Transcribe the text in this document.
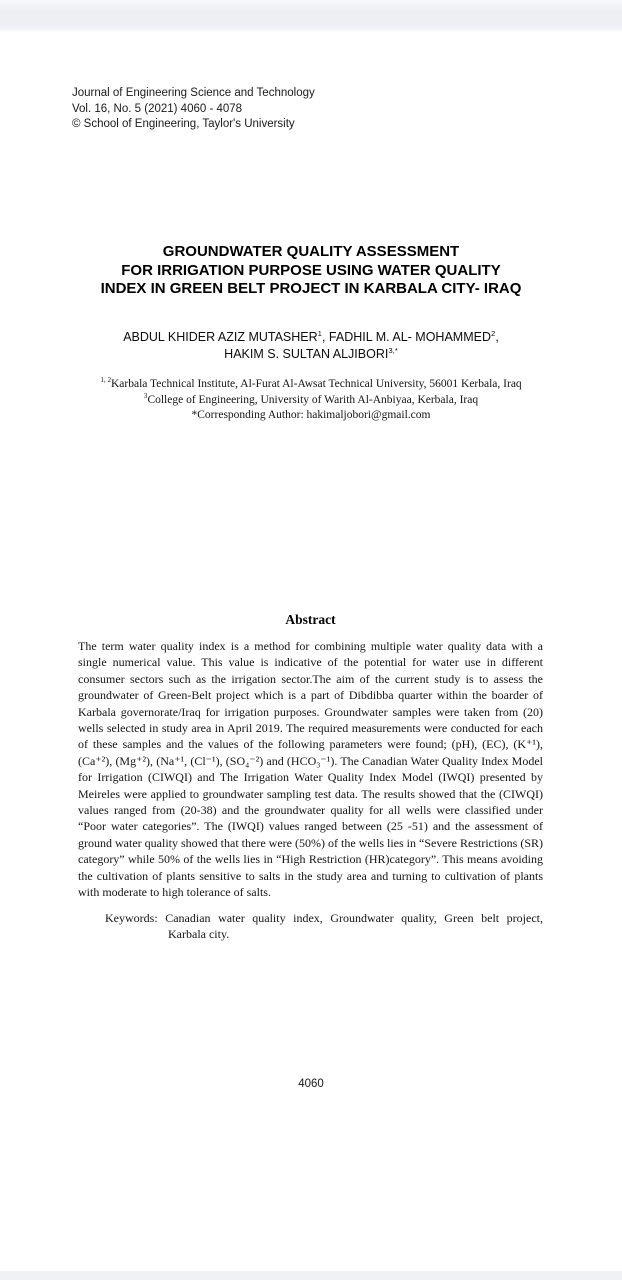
Journal of Engineering Science and Technology
Vol. 16, No. 5 (2021) 4060 - 4078
© School of Engineering, Taylor's University
GROUNDWATER QUALITY ASSESSMENT
FOR IRRIGATION PURPOSE USING WATER QUALITY
INDEX IN GREEN BELT PROJECT IN KARBALA CITY- IRAQ
ABDUL KHIDER AZIZ MUTASHER$^1$, FADHIL M. AL- MOHAMMED$^2$,
HAKIM S. SULTAN $ALJIBORI^{3,*}$
$^{1, 2}$Karbala Technical Institute, Al-Furat Al-Awsat Technical University, 56001 Kerbala, Iraq
$^3$College of Engineering, University of Warith Al-Anbiyaa, Kerbala, Iraq
*Corresponding Author: hakimaljobori@gmail.com
Abstract
The term water quality index is a method for combining multiple water quality data with a single numerical value. This value is indicative of the potential for water use in different consumer sectors such as the irrigation sector.The aim of the current study is to assess the groundwater of Green-Belt project which is a part of Dibdibba quarter within the boarder of Karbala governorate/Iraq for irrigation purposes. Groundwater samples were taken from (20) wells selected in study area in April 2019. The required measurements were conducted for each of these samples and the values of the following parameters were found; (pH), (EC), (K⁺¹), (Ca⁺²), (Mg⁺²), (Na⁺¹, (Cl⁻¹), (SO₄⁻²) and (HCO₃⁻¹). The Canadian Water Quality Index Model for Irrigation (CIWQI) and The Irrigation Water Quality Index Model (IWQI) presented by Meireles were applied to groundwater sampling test data. The results showed that the (CIWQI) values ranged from (20-38) and the groundwater quality for all wells were classified under “Poor water categories”. The (IWQI) values ranged between (25 -51) and the assessment of ground water quality showed that there were (50%) of the wells lies in “Severe Restrictions (SR) category” while 50% of the wells lies in “High Restriction (HR)category”. This means avoiding the cultivation of plants sensitive to salts in the study area and turning to cultivation of plants with moderate to high tolerance of salts.
Keywords: Canadian water quality index, Groundwater quality, Green belt project, Karbala city.
4060
